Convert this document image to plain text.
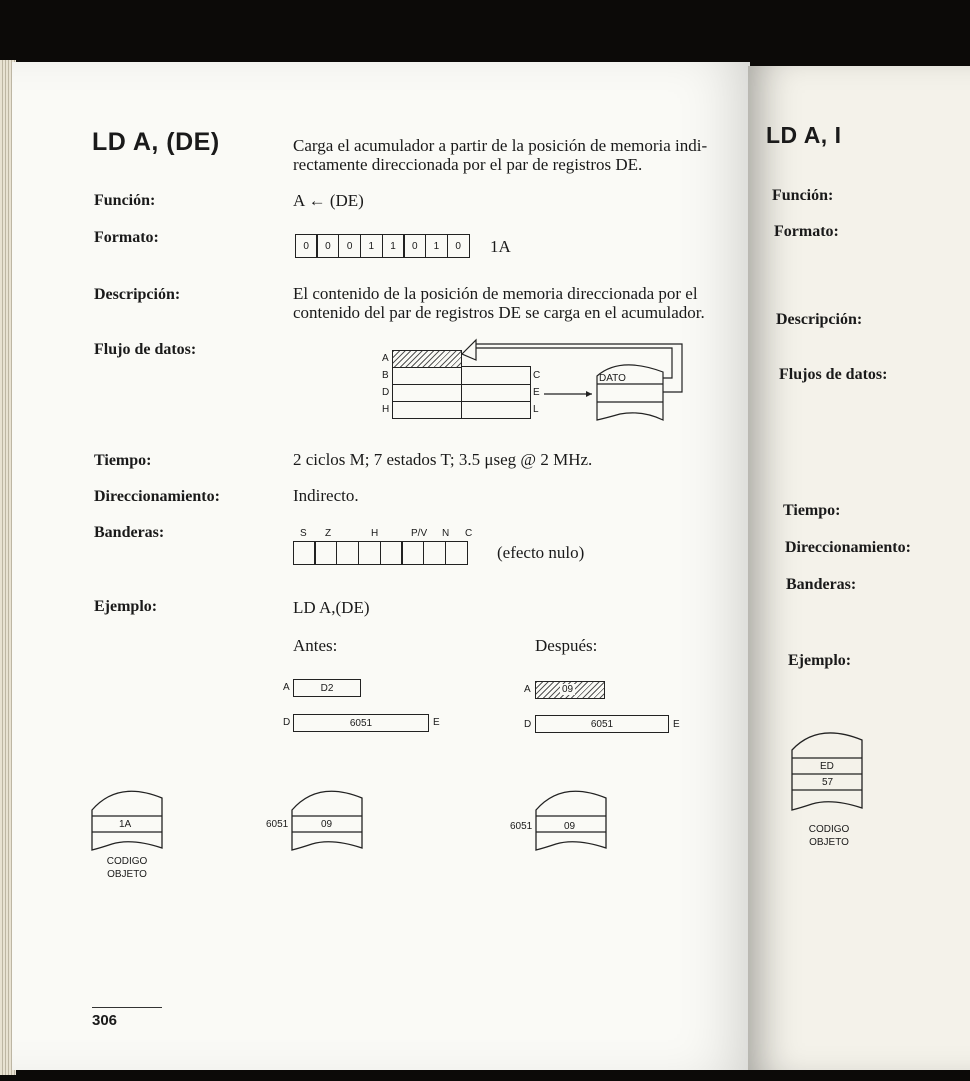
LD A, (DE)	Carga el acumulador a partir de la posición de memoria indi-
rectamente direccionada por el par de registros DE.
Función:	A ← (DE)
Formato:	0	0	0	1	1	0	1	0	1A
Descripción:	El contenido de la posición de memoria direccionada por el
contenido del par de registros DE se carga en el acumulador.
Flujo de datos:
A
B
D
H
C
E
L
DATO
Tiempo:	2 ciclos M; 7 estados T; 3.5 μseg @ 2 MHz.
Direccionamiento:	Indirecto.
Banderas:	S Z	H	P/V N C
(efecto nulo)
Ejemplo:	LD A,(DE)
Antes:	Después:
A	D2
D	6051	E
A	09
D	6051	E
1A
CODIGO
OBJETO
6051	09	6051	09
306
LD A, I
Función:
Formato:
Descripción:
Flujos de datos:
Tiempo:
Direccionamiento:
Banderas:
Ejemplo:
ED
57
CODIGO
OBJETO
